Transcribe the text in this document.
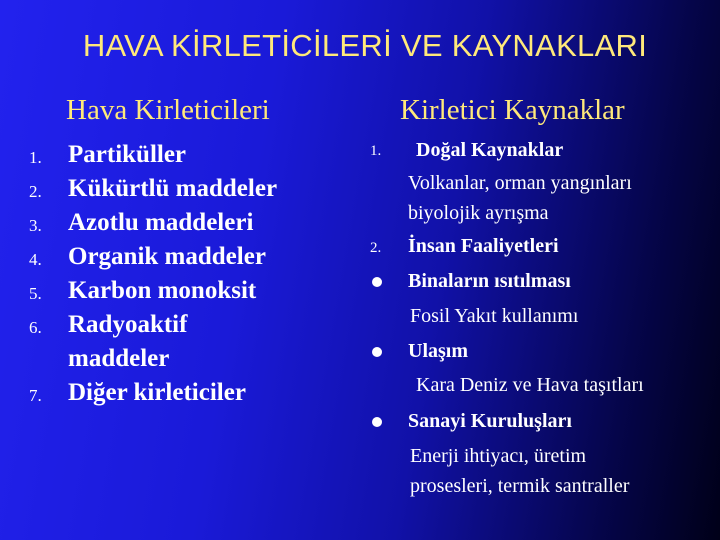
HAVA KİRLETİCİLERİ VE KAYNAKLARI
Hava Kirleticileri	Kirletici Kaynaklar
1. Partiküller
2. Kükürtlü maddeler
3. Azotlu maddeleri
4. Organik maddeler
5. Karbon monoksit
6. Radyoaktif
maddeler
7. Diğer kirleticiler
1. Doğal Kaynaklar
Volkanlar, orman yangınları
biyolojik ayrışma
2. İnsan Faaliyetleri
Binaların ısıtılması
Fosil Yakıt kullanımı
Ulaşım
Kara Deniz ve Hava taşıtları
Sanayi Kuruluşları
Enerji ihtiyacı, üretim
prosesleri, termik santraller
